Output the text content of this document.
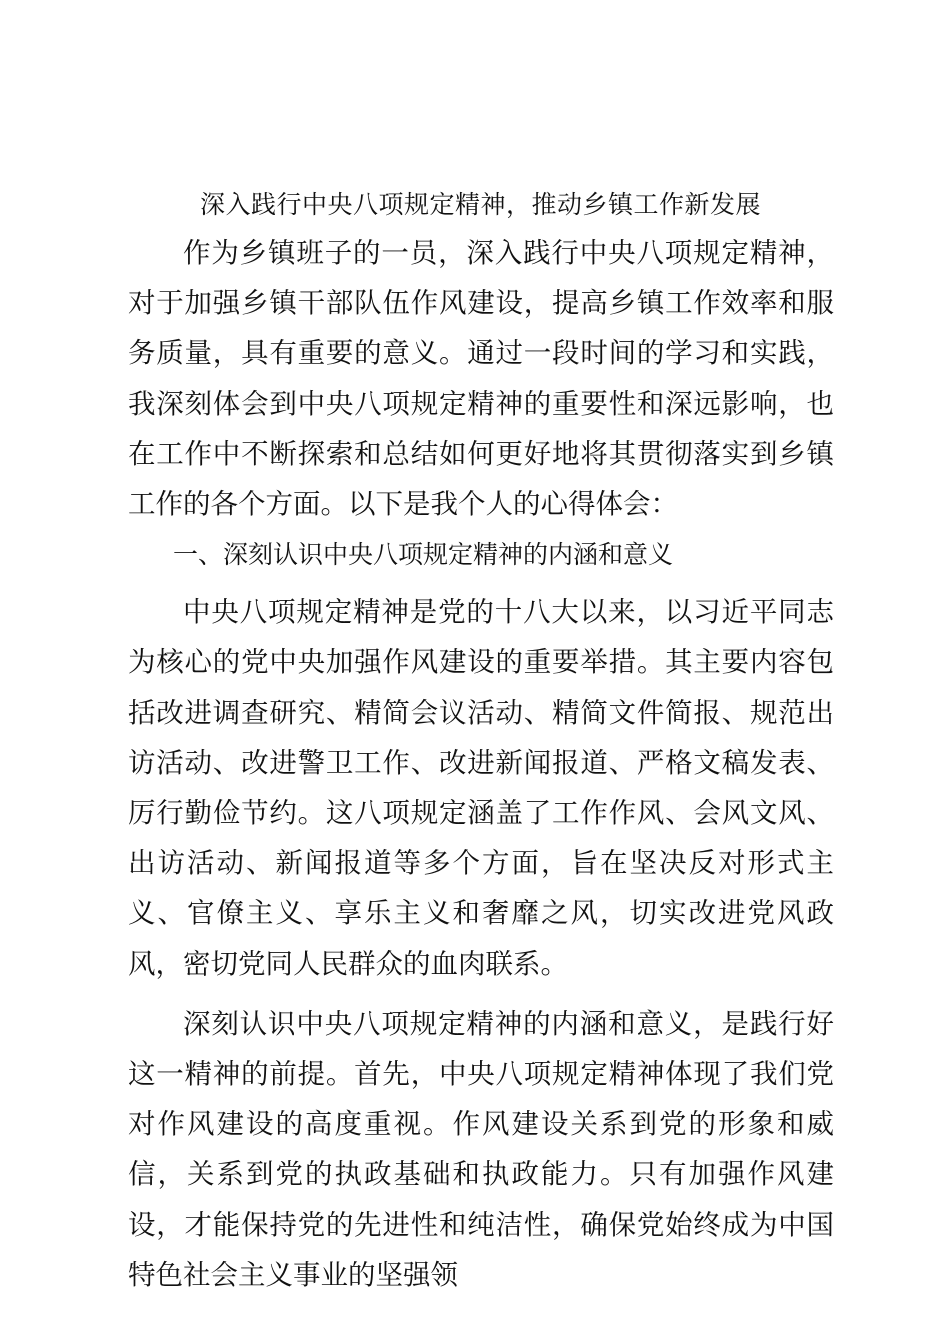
深入践行中央八项规定精神，推动乡镇工作新发展

作为乡镇班子的一员，深入践行中央八项规定精神，对于加强乡镇干部队伍作风建设，提高乡镇工作效率和服务质量，具有重要的意义。通过一段时间的学习和实践，我深刻体会到中央八项规定精神的重要性和深远影响，也在工作中不断探索和总结如何更好地将其贯彻落实到乡镇工作的各个方面。以下是我个人的心得体会：

一、深刻认识中央八项规定精神的内涵和意义

中央八项规定精神是党的十八大以来，以习近平同志为核心的党中央加强作风建设的重要举措。其主要内容包括改进调查研究、精简会议活动、精简文件简报、规范出访活动、改进警卫工作、改进新闻报道、严格文稿发表、厉行勤俭节约。这八项规定涵盖了工作作风、会风文风、出访活动、新闻报道等多个方面，旨在坚决反对形式主义、官僚主义、享乐主义和奢靡之风，切实改进党风政风，密切党同人民群众的血肉联系。

深刻认识中央八项规定精神的内涵和意义，是践行好这一精神的前提。首先，中央八项规定精神体现了我们党对作风建设的高度重视。作风建设关系到党的形象和威信，关系到党的执政基础和执政能力。只有加强作风建设，才能保持党的先进性和纯洁性，确保党始终成为中国特色社会主义事业的坚强领
